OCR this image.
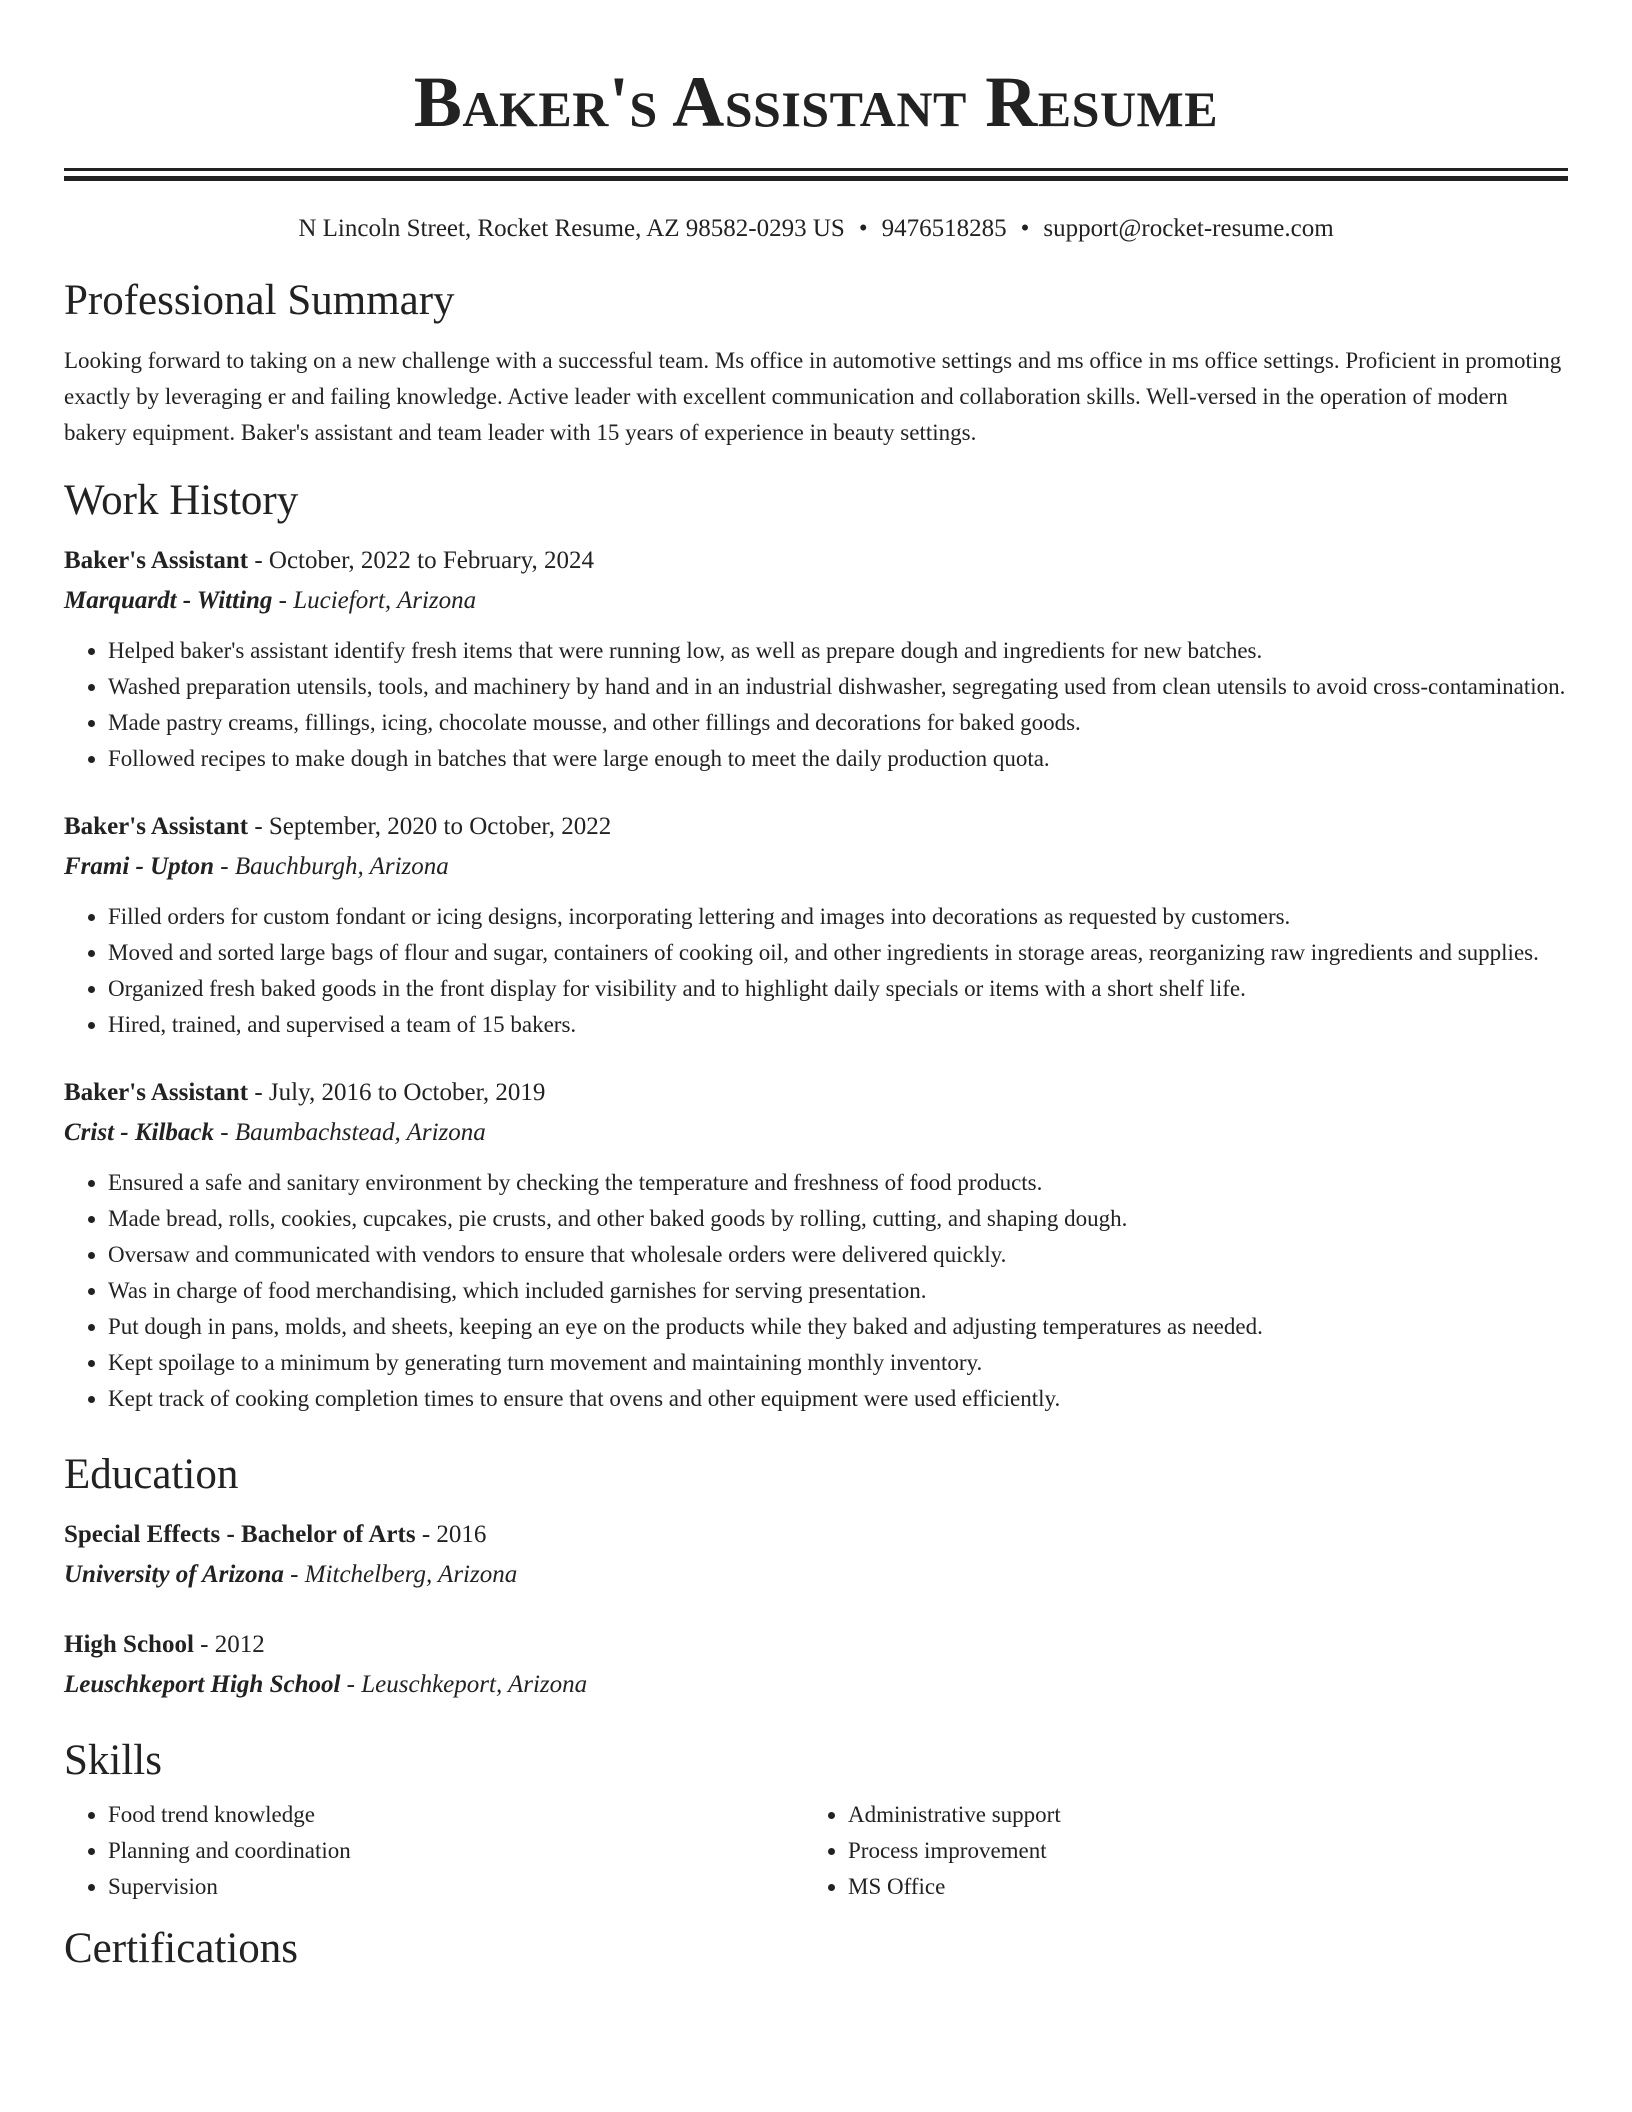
Baker's Assistant Resume
N Lincoln Street, Rocket Resume, AZ 98582-0293 US • 9476518285 • support@rocket-resume.com
Professional Summary

Looking forward to taking on a new challenge with a successful team. Ms office in automotive settings and ms office in ms office settings. Proficient in promoting exactly by leveraging er and failing knowledge. Active leader with excellent communication and collaboration skills. Well-versed in the operation of modern bakery equipment. Baker's assistant and team leader with 15 years of experience in beauty settings.

Work History
Baker's Assistant - October, 2022 to February, 2024
Marquardt - Witting - Luciefort, Arizona
• Helped baker's assistant identify fresh items that were running low, as well as prepare dough and ingredients for new batches.
• Washed preparation utensils, tools, and machinery by hand and in an industrial dishwasher, segregating used from clean utensils to avoid cross-contamination.
• Made pastry creams, fillings, icing, chocolate mousse, and other fillings and decorations for baked goods.
• Followed recipes to make dough in batches that were large enough to meet the daily production quota.
Baker's Assistant - September, 2020 to October, 2022
Frami - Upton - Bauchburgh, Arizona
• Filled orders for custom fondant or icing designs, incorporating lettering and images into decorations as requested by customers.
• Moved and sorted large bags of flour and sugar, containers of cooking oil, and other ingredients in storage areas, reorganizing raw ingredients and supplies.
• Organized fresh baked goods in the front display for visibility and to highlight daily specials or items with a short shelf life.
• Hired, trained, and supervised a team of 15 bakers.
Baker's Assistant - July, 2016 to October, 2019
Crist - Kilback - Baumbachstead, Arizona
• Ensured a safe and sanitary environment by checking the temperature and freshness of food products.
• Made bread, rolls, cookies, cupcakes, pie crusts, and other baked goods by rolling, cutting, and shaping dough.
• Oversaw and communicated with vendors to ensure that wholesale orders were delivered quickly.
• Was in charge of food merchandising, which included garnishes for serving presentation.
• Put dough in pans, molds, and sheets, keeping an eye on the products while they baked and adjusting temperatures as needed.
• Kept spoilage to a minimum by generating turn movement and maintaining monthly inventory.
• Kept track of cooking completion times to ensure that ovens and other equipment were used efficiently.
Education
Special Effects - Bachelor of Arts - 2016
University of Arizona - Mitchelberg, Arizona
High School - 2012
Leuschkeport High School - Leuschkeport, Arizona
Skills
• Food trend knowledge
• Planning and coordination
• Supervision
• Administrative support
• Process improvement
• MS Office
Certifications
